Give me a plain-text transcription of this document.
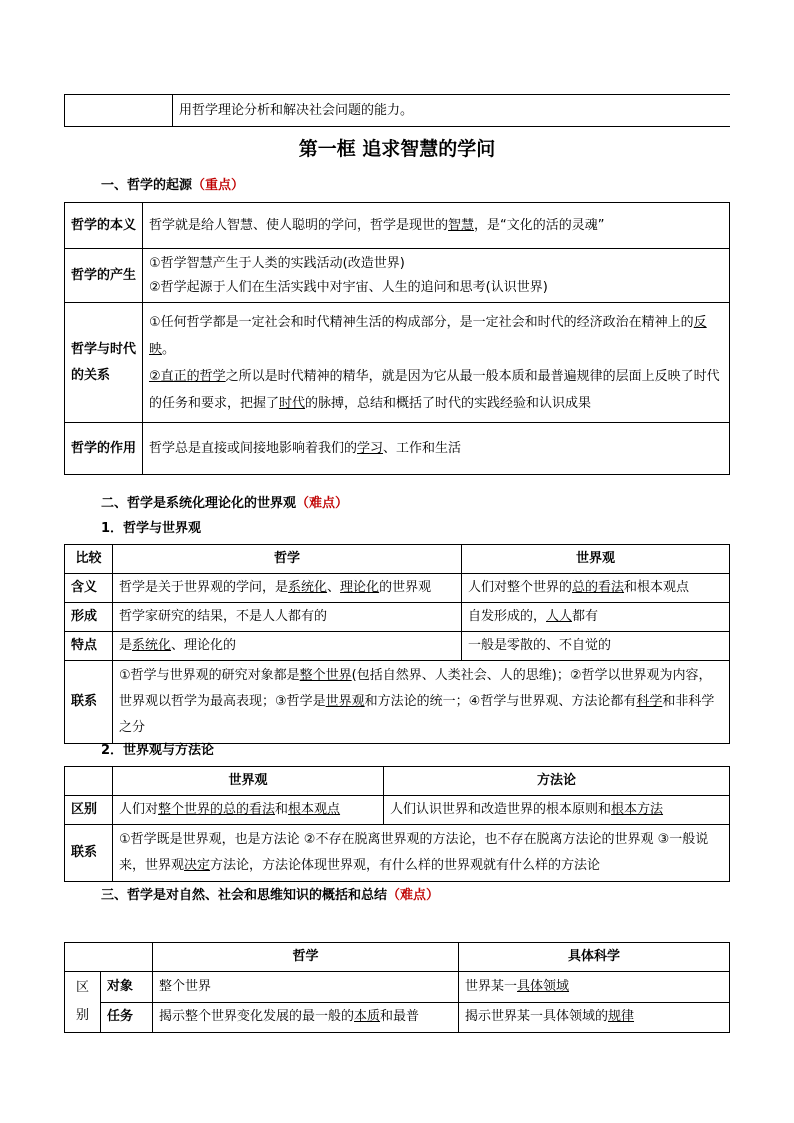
	用哲学理论分析和解决社会问题的能力。
第一框 追求智慧的学问
一、哲学的起源（重点）
哲学的本义	哲学就是给人智慧、使人聪明的学问，哲学是现世的智慧，是“文化的活的灵魂”
哲学的产生	①哲学智慧产生于人类的实践活动(改造世界)
②哲学起源于人们在生活实践中对宇宙、人生的追问和思考(认识世界)

哲学与时代的关系	①任何哲学都是一定社会和时代精神生活的构成部分，是一定社会和时代的经济政治在精神上的反映。
②直正的哲学之所以是时代精神的精华，就是因为它从最一般本质和最普遍规律的层面上反映了时代的任务和要求，把握了时代的脉搏，总结和概括了时代的实践经验和认识成果

哲学的作用	哲学总是直接或间接地影响着我们的学习、工作和生活
二、哲学是系统化理论化的世界观（难点）
1．哲学与世界观
比较	哲学	世界观
含义	哲学是关于世界观的学问，是系统化、理论化的世界观	人们对整个世界的总的看法和根本观点
形成	哲学家研究的结果，不是人人都有的	自发形成的，人人都有
特点	是系统化、理论化的	一般是零散的、不自觉的
联系	①哲学与世界观的研究对象都是整个世界(包括自然界、人类社会、人的思维)；②哲学以世界观为内容，世界观以哲学为最高表现；③哲学是世界观和方法论的统一；④哲学与世界观、方法论都有科学和非科学之分	
2．世界观与方法论
	世界观	方法论
区别	人们对整个世界的总的看法和根本观点	人们认识世界和改造世界的根本原则和根本方法
联系	①哲学既是世界观，也是方法论 ②不存在脱离世界观的方法论，也不存在脱离方法论的世界观 ③一般说来，世界观决定方法论，方法论体现世界观，有什么样的世界观就有什么样的方法论	
三、哲学是对自然、社会和思维知识的概括和总结（难点）
		哲学	具体科学
区别	对象	整个世界	世界某一具体领域
	任务	揭示整个世界变化发展的最一般的本质和最普	揭示世界某一具体领域的规律
